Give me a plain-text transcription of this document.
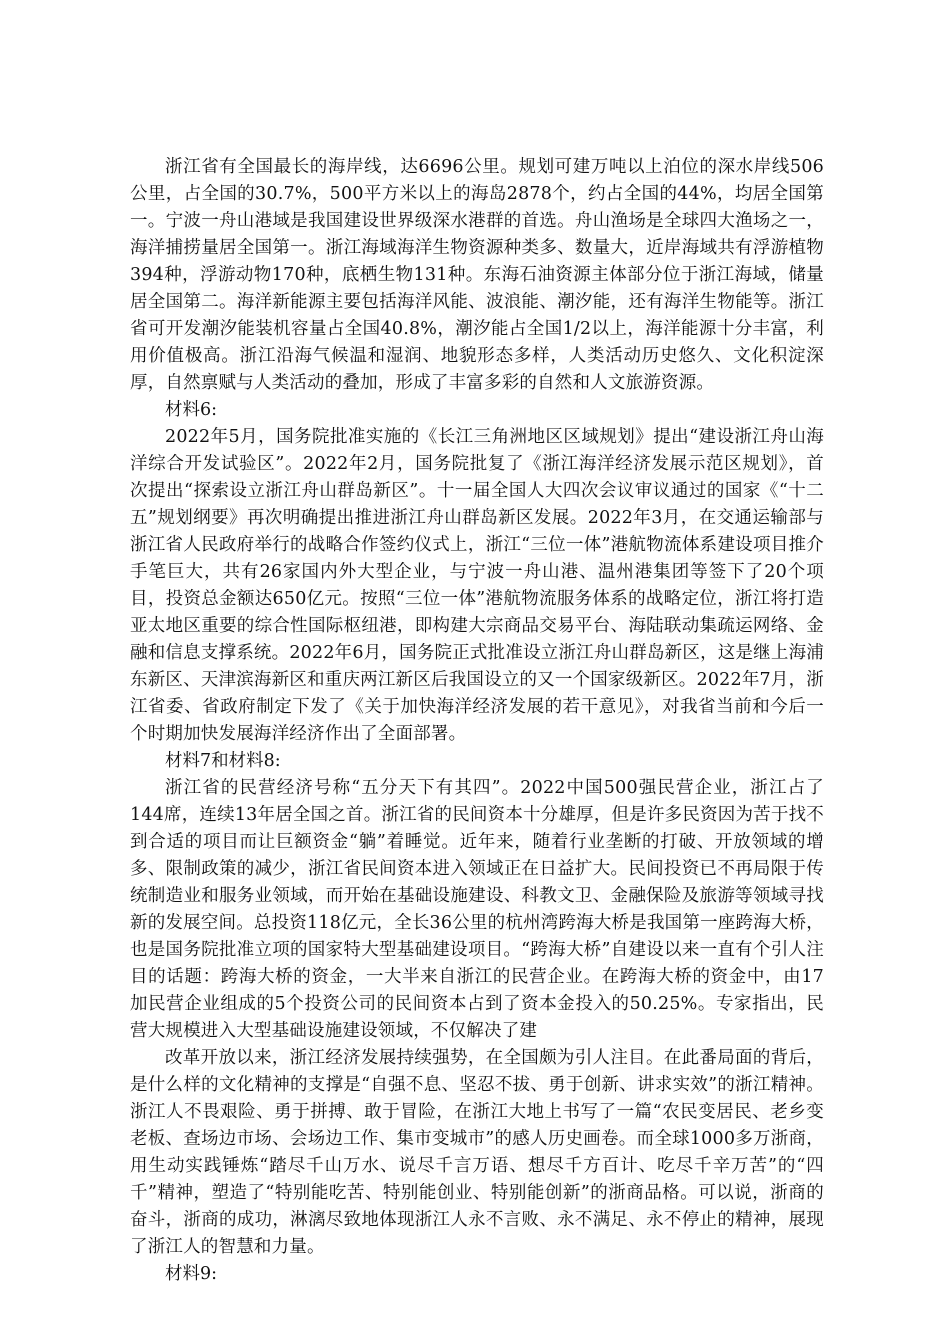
浙江省有全国最长的海岸线，达6696公里。规划可建万吨以上泊位的深水岸线506公里，占全国的30.7%，500平方米以上的海岛2878个，约占全国的44%，均居全国第一。宁波一舟山港域是我国建设世界级深水港群的首选。舟山渔场是全球四大渔场之一，海洋捕捞量居全国第一。浙江海域海洋生物资源种类多、数量大，近岸海域共有浮游植物394种，浮游动物170种，底栖生物131种。东海石油资源主体部分位于浙江海域，储量居全国第二。海洋新能源主要包括海洋风能、波浪能、潮汐能，还有海洋生物能等。浙江省可开发潮汐能装机容量占全国40.8%，潮汐能占全国1/2以上，海洋能源十分丰富，利用价值极高。浙江沿海气候温和湿润、地貌形态多样，人类活动历史悠久、文化积淀深厚，自然禀赋与人类活动的叠加，形成了丰富多彩的自然和人文旅游资源。

材料6:

2022年5月，国务院批准实施的《长江三角洲地区区域规划》提出“建设浙江舟山海洋综合开发试验区”。2022年2月，国务院批复了《浙江海洋经济发展示范区规划》，首次提出“探索设立浙江舟山群岛新区”。十一届全国人大四次会议审议通过的国家《“十二五”规划纲要》再次明确提出推进浙江舟山群岛新区发展。2022年3月，在交通运输部与浙江省人民政府举行的战略合作签约仪式上，浙江“三位一体”港航物流体系建设项目推介手笔巨大，共有26家国内外大型企业，与宁波一舟山港、温州港集团等签下了20个项目，投资总金额达650亿元。按照“三位一体”港航物流服务体系的战略定位，浙江将打造亚太地区重要的综合性国际枢纽港，即构建大宗商品交易平台、海陆联动集疏运网络、金融和信息支撑系统。2022年6月，国务院正式批准设立浙江舟山群岛新区，这是继上海浦东新区、天津滨海新区和重庆两江新区后我国设立的又一个国家级新区。2022年7月，浙江省委、省政府制定下发了《关于加快海洋经济发展的若干意见》，对我省当前和今后一个时期加快发展海洋经济作出了全面部署。

材料7和材料8:

浙江省的民营经济号称“五分天下有其四”。2022中国500强民营企业，浙江占了144席，连续13年居全国之首。浙江省的民间资本十分雄厚，但是许多民资因为苦于找不到合适的项目而让巨额资金“躺”着睡觉。近年来，随着行业垄断的打破、开放领域的增多、限制政策的减少，浙江省民间资本进入领域正在日益扩大。民间投资已不再局限于传统制造业和服务业领域，而开始在基础设施建设、科教文卫、金融保险及旅游等领域寻找新的发展空间。总投资118亿元，全长36公里的杭州湾跨海大桥是我国第一座跨海大桥，也是国务院批准立项的国家特大型基础建设项目。“跨海大桥”自建设以来一直有个引人注目的话题：跨海大桥的资金，一大半来自浙江的民营企业。在跨海大桥的资金中，由17加民营企业组成的5个投资公司的民间资本占到了资本金投入的50.25%。专家指出，民营大规模进入大型基础设施建设领域，不仅解决了建

改革开放以来，浙江经济发展持续强势，在全国颇为引人注目。在此番局面的背后，是什么样的文化精神的支撑是“自强不息、坚忍不拔、勇于创新、讲求实效”的浙江精神。浙江人不畏艰险、勇于拼搏、敢于冒险，在浙江大地上书写了一篇“农民变居民、老乡变老板、查场边市场、会场边工作、集市变城市”的感人历史画卷。而全球1000多万浙商，用生动实践锤炼“踏尽千山万水、说尽千言万语、想尽千方百计、吃尽千辛万苦”的“四千”精神，塑造了“特别能吃苦、特别能创业、特别能创新”的浙商品格。可以说，浙商的奋斗，浙商的成功，淋漓尽致地体现浙江人永不言败、永不满足、永不停止的精神，展现了浙江人的智慧和力量。

材料9:
